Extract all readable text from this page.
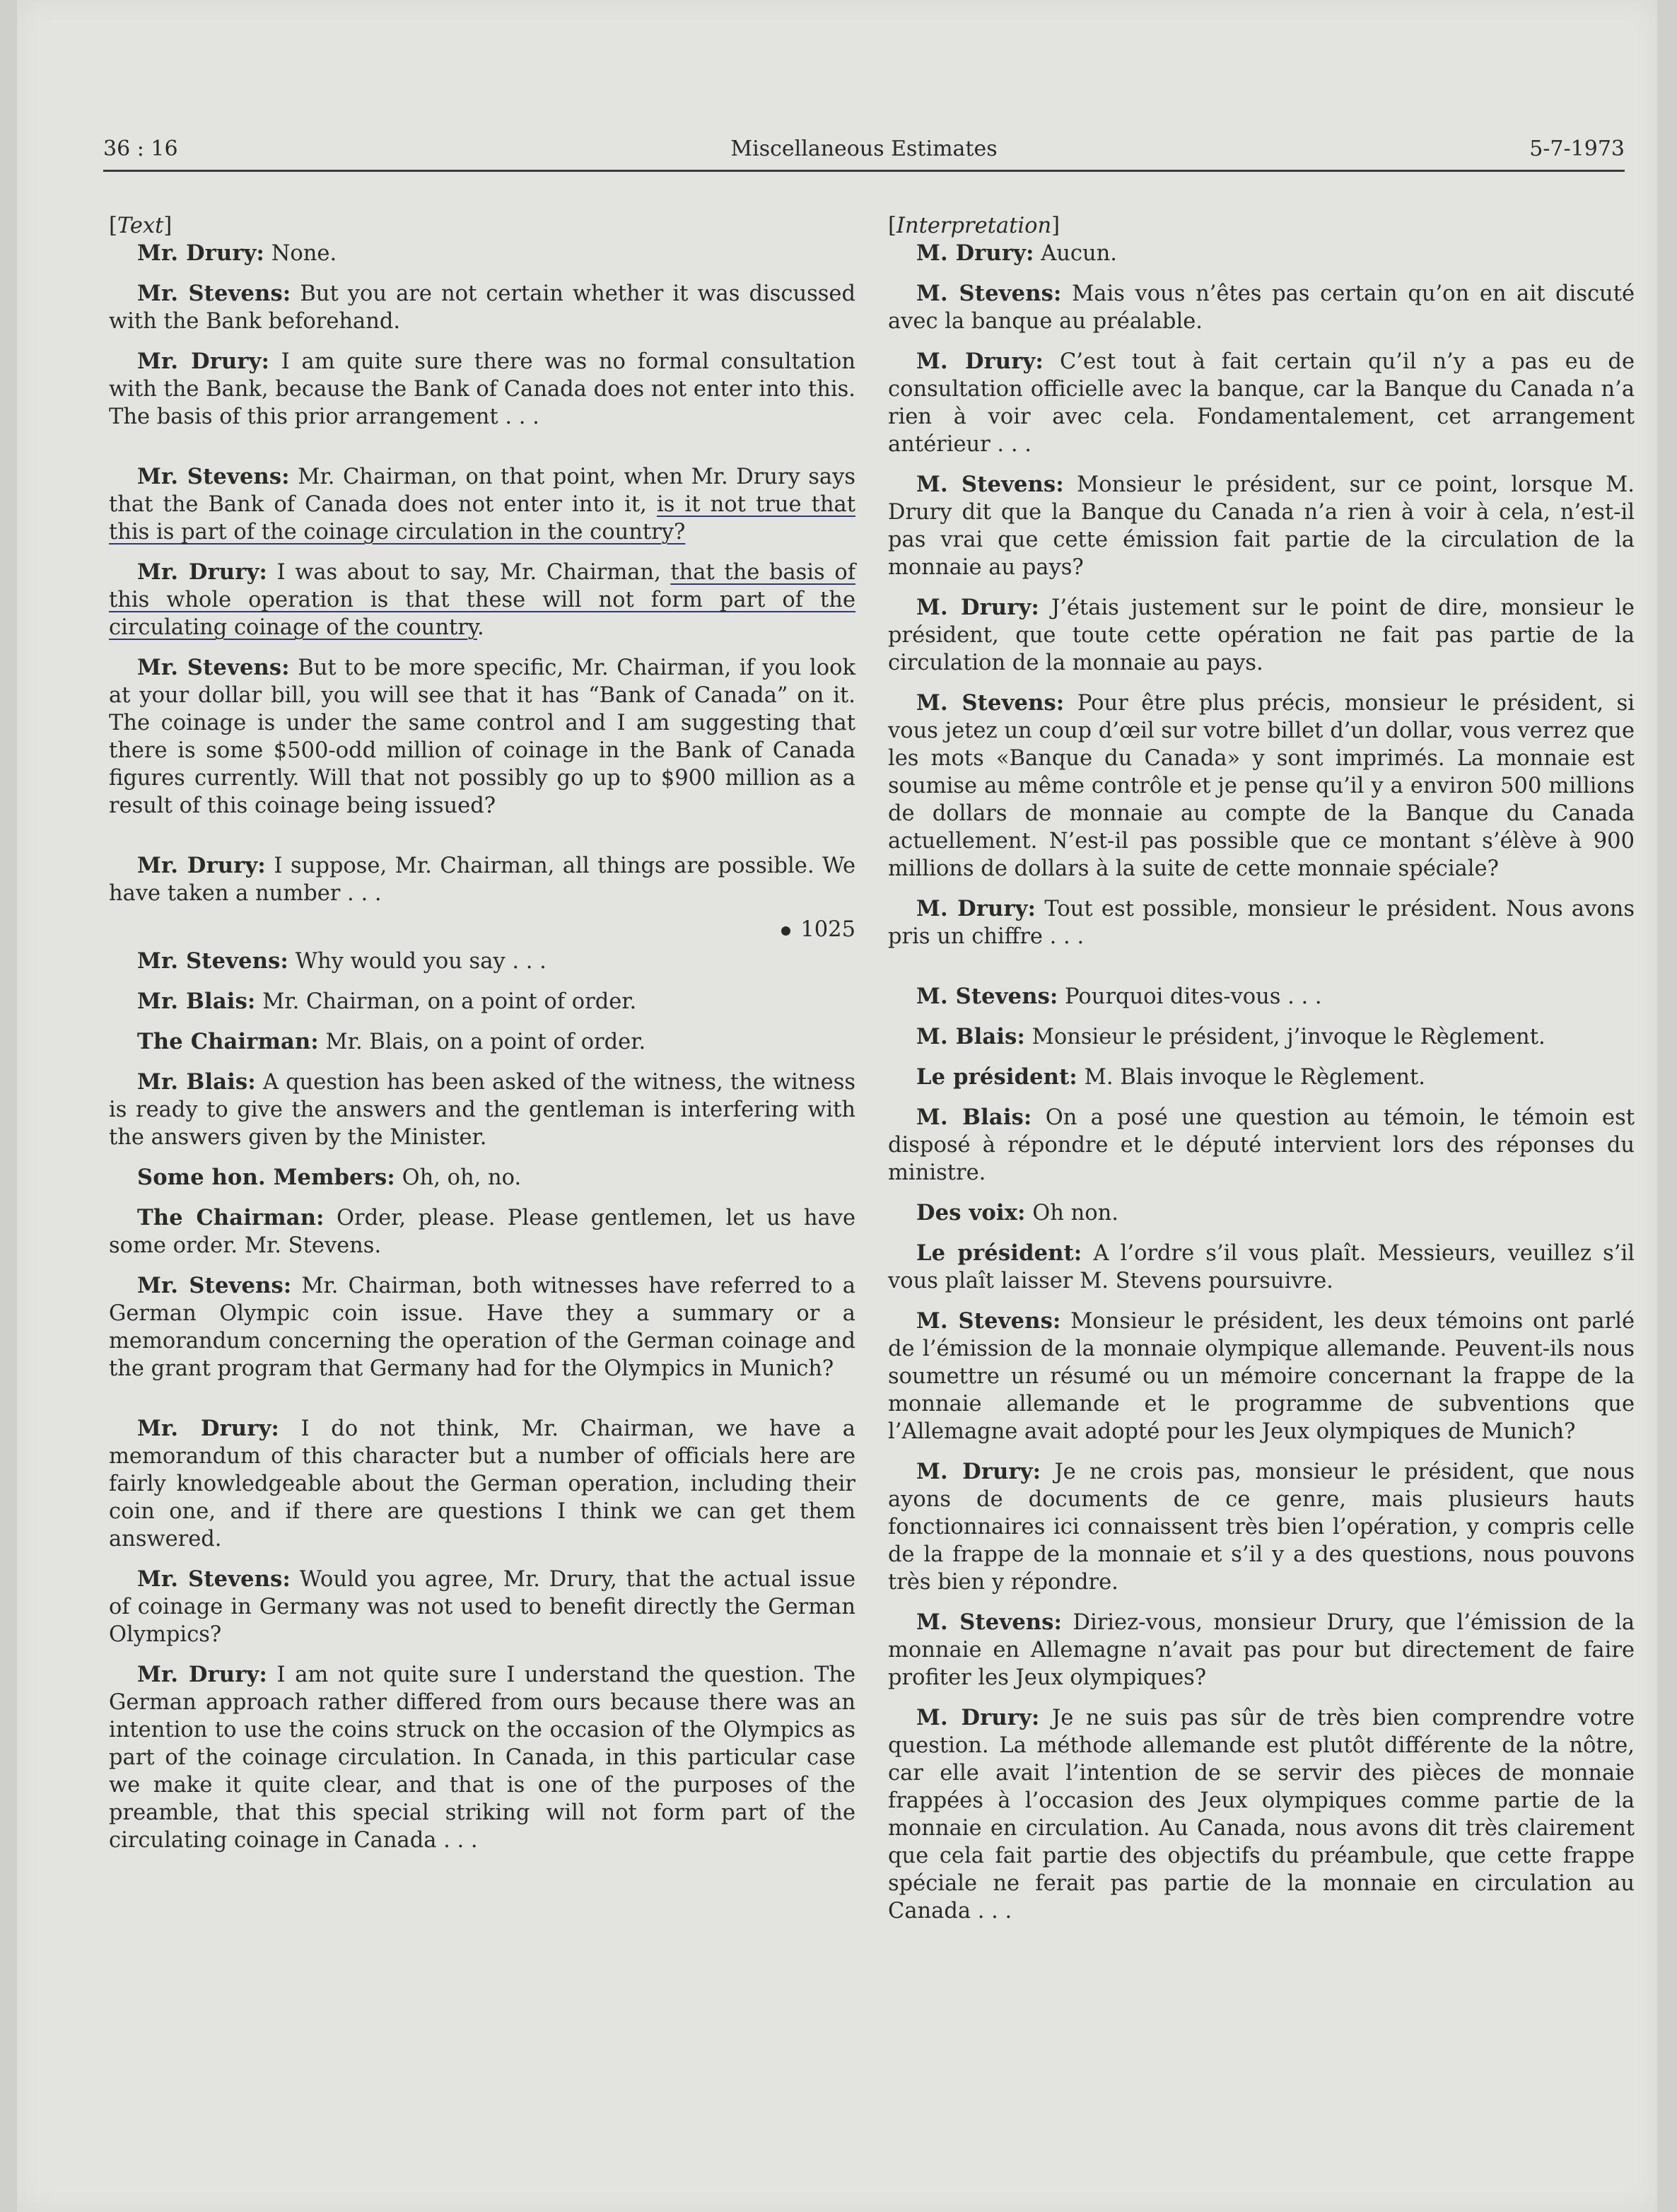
36 : 16	Miscellaneous Estimates	5-7-1973
[Text]

Mr. Drury: None.

Mr. Stevens: But you are not certain whether it was discussed with the Bank beforehand.

Mr. Drury: I am quite sure there was no formal consultation with the Bank, because the Bank of Canada does not enter into this. The basis of this prior arrangement . . .

Mr. Stevens: Mr. Chairman, on that point, when Mr. Drury says that the Bank of Canada does not enter into it, is it not true that this is part of the coinage circulation in the country?

Mr. Drury: I was about to say, Mr. Chairman, that the basis of this whole operation is that these will not form part of the circulating coinage of the country.

Mr. Stevens: But to be more specific, Mr. Chairman, if you look at your dollar bill, you will see that it has “Bank of Canada” on it. The coinage is under the same control and I am suggesting that there is some $500-odd million of coinage in the Bank of Canada figures currently. Will that not possibly go up to $900 million as a result of this coinage being issued?

Mr. Drury: I suppose, Mr. Chairman, all things are possible. We have taken a number . . .

1025

Mr. Stevens: Why would you say . . .

Mr. Blais: Mr. Chairman, on a point of order.

The Chairman: Mr. Blais, on a point of order.

Mr. Blais: A question has been asked of the witness, the witness is ready to give the answers and the gentleman is interfering with the answers given by the Minister.

Some hon. Members: Oh, oh, no.

The Chairman: Order, please. Please gentlemen, let us have some order. Mr. Stevens.

Mr. Stevens: Mr. Chairman, both witnesses have referred to a German Olympic coin issue. Have they a summary or a memorandum concerning the operation of the German coinage and the grant program that Germany had for the Olympics in Munich?

Mr. Drury: I do not think, Mr. Chairman, we have a memorandum of this character but a number of officials here are fairly knowledgeable about the German operation, including their coin one, and if there are questions I think we can get them answered.

Mr. Stevens: Would you agree, Mr. Drury, that the actual issue of coinage in Germany was not used to benefit directly the German Olympics?

Mr. Drury: I am not quite sure I understand the question. The German approach rather differed from ours because there was an intention to use the coins struck on the occasion of the Olympics as part of the coinage circulation. In Canada, in this particular case we make it quite clear, and that is one of the purposes of the preamble, that this special striking will not form part of the circulating coinage in Canada . . .

[Interpretation]

M. Drury: Aucun.

M. Stevens: Mais vous n’êtes pas certain qu’on en ait discuté avec la banque au préalable.

M. Drury: C’est tout à fait certain qu’il n’y a pas eu de consultation officielle avec la banque, car la Banque du Canada n’a rien à voir avec cela. Fondamentalement, cet arrangement antérieur . . .

M. Stevens: Monsieur le président, sur ce point, lorsque M. Drury dit que la Banque du Canada n’a rien à voir à cela, n’est-il pas vrai que cette émission fait partie de la circulation de la monnaie au pays?

M. Drury: J’étais justement sur le point de dire, monsieur le président, que toute cette opération ne fait pas partie de la circulation de la monnaie au pays.

M. Stevens: Pour être plus précis, monsieur le président, si vous jetez un coup d’œil sur votre billet d’un dollar, vous verrez que les mots «Banque du Canada» y sont imprimés. La monnaie est soumise au même contrôle et je pense qu’il y a environ 500 millions de dollars de monnaie au compte de la Banque du Canada actuellement. N’est-il pas possible que ce montant s’élève à 900 millions de dollars à la suite de cette monnaie spéciale?

M. Drury: Tout est possible, monsieur le président. Nous avons pris un chiffre . . .

M. Stevens: Pourquoi dites-vous . . .

M. Blais: Monsieur le président, j’invoque le Règlement.

Le président: M. Blais invoque le Règlement.

M. Blais: On a posé une question au témoin, le témoin est disposé à répondre et le député intervient lors des réponses du ministre.

Des voix: Oh non.

Le président: A l’ordre s’il vous plaît. Messieurs, veuillez s’il vous plaît laisser M. Stevens poursuivre.

M. Stevens: Monsieur le président, les deux témoins ont parlé de l’émission de la monnaie olympique allemande. Peuvent-ils nous soumettre un résumé ou un mémoire concernant la frappe de la monnaie allemande et le programme de subventions que l’Allemagne avait adopté pour les Jeux olympiques de Munich?

M. Drury: Je ne crois pas, monsieur le président, que nous ayons de documents de ce genre, mais plusieurs hauts fonctionnaires ici connaissent très bien l’opération, y compris celle de la frappe de la monnaie et s’il y a des questions, nous pouvons très bien y répondre.

M. Stevens: Diriez-vous, monsieur Drury, que l’émission de la monnaie en Allemagne n’avait pas pour but directement de faire profiter les Jeux olympiques?

M. Drury: Je ne suis pas sûr de très bien comprendre votre question. La méthode allemande est plutôt différente de la nôtre, car elle avait l’intention de se servir des pièces de monnaie frappées à l’occasion des Jeux olympiques comme partie de la monnaie en circulation. Au Canada, nous avons dit très clairement que cela fait partie des objectifs du préambule, que cette frappe spéciale ne ferait pas partie de la monnaie en circulation au Canada . . .
